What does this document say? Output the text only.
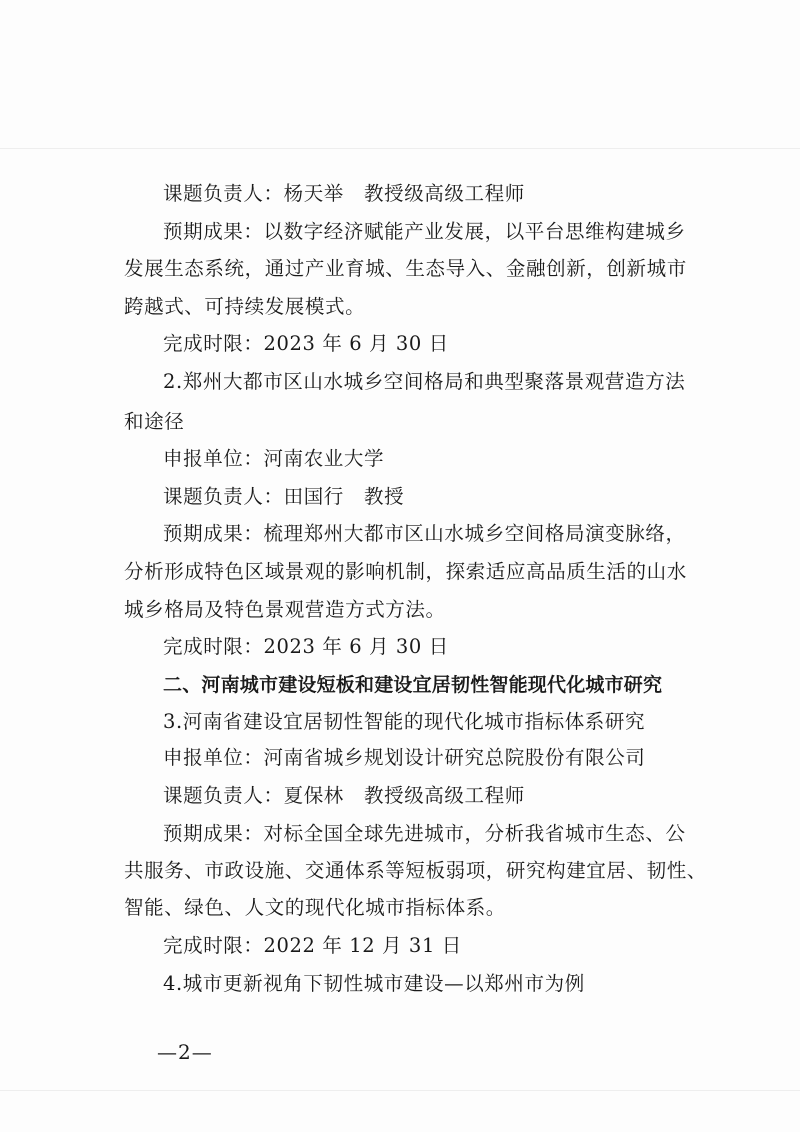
课题负责人：杨天举　教授级高级工程师
预期成果：以数字经济赋能产业发展，以平台思维构建城乡
发展生态系统，通过产业育城、生态导入、金融创新，创新城市
跨越式、可持续发展模式。
完成时限：2023 年 6 月 30 日
2.郑州大都市区山水城乡空间格局和典型聚落景观营造方法
和途径
申报单位：河南农业大学
课题负责人：田国行　教授
预期成果：梳理郑州大都市区山水城乡空间格局演变脉络，
分析形成特色区域景观的影响机制，探索适应高品质生活的山水
城乡格局及特色景观营造方式方法。
完成时限：2023 年 6 月 30 日
二、河南城市建设短板和建设宜居韧性智能现代化城市研究
3.河南省建设宜居韧性智能的现代化城市指标体系研究
申报单位：河南省城乡规划设计研究总院股份有限公司
课题负责人：夏保林　教授级高级工程师
预期成果：对标全国全球先进城市，分析我省城市生态、公
共服务、市政设施、交通体系等短板弱项，研究构建宜居、韧性、
智能、绿色、人文的现代化城市指标体系。
完成时限：2022 年 12 月 31 日
4.城市更新视角下韧性城市建设—以郑州市为例
—2—
